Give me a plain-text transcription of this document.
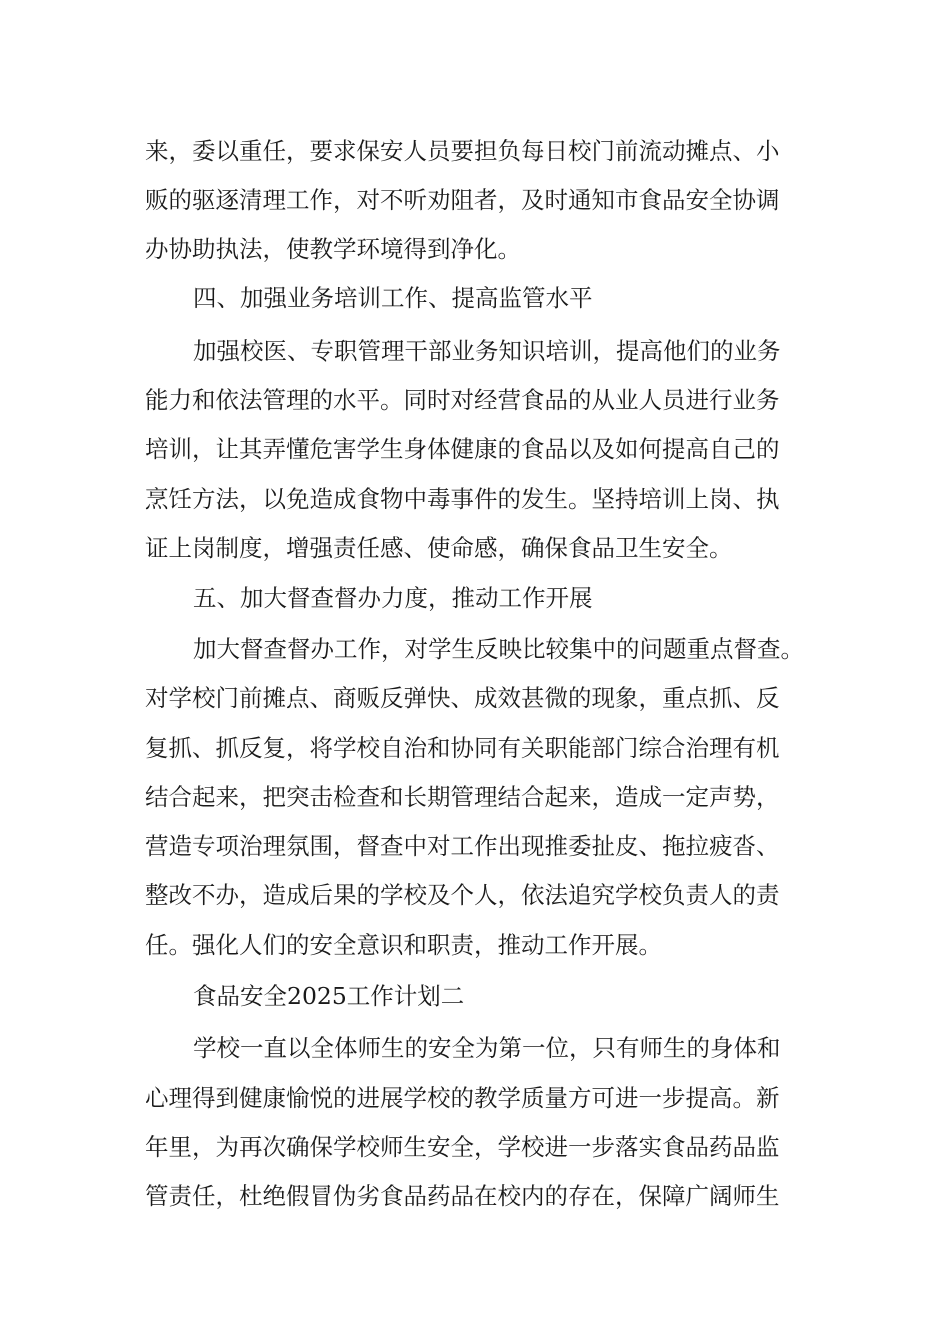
来，委以重任，要求保安人员要担负每日校门前流动摊点、小
贩的驱逐清理工作，对不听劝阻者，及时通知市食品安全协调
办协助执法，使教学环境得到净化。
四、加强业务培训工作、提高监管水平
加强校医、专职管理干部业务知识培训，提高他们的业务
能力和依法管理的水平。同时对经营食品的从业人员进行业务
培训，让其弄懂危害学生身体健康的食品以及如何提高自己的
烹饪方法，以免造成食物中毒事件的发生。坚持培训上岗、执
证上岗制度，增强责任感、使命感，确保食品卫生安全。
五、加大督查督办力度，推动工作开展
加大督查督办工作，对学生反映比较集中的问题重点督查。
对学校门前摊点、商贩反弹快、成效甚微的现象，重点抓、反
复抓、抓反复，将学校自治和协同有关职能部门综合治理有机
结合起来，把突击检查和长期管理结合起来，造成一定声势，
营造专项治理氛围，督查中对工作出现推委扯皮、拖拉疲沓、
整改不办，造成后果的学校及个人，依法追究学校负责人的责
任。强化人们的安全意识和职责，推动工作开展。
食品安全2025工作计划二
学校一直以全体师生的安全为第一位，只有师生的身体和
心理得到健康愉悦的进展学校的教学质量方可进一步提高。新
年里，为再次确保学校师生安全，学校进一步落实食品药品监
管责任，杜绝假冒伪劣食品药品在校内的存在，保障广阔师生
